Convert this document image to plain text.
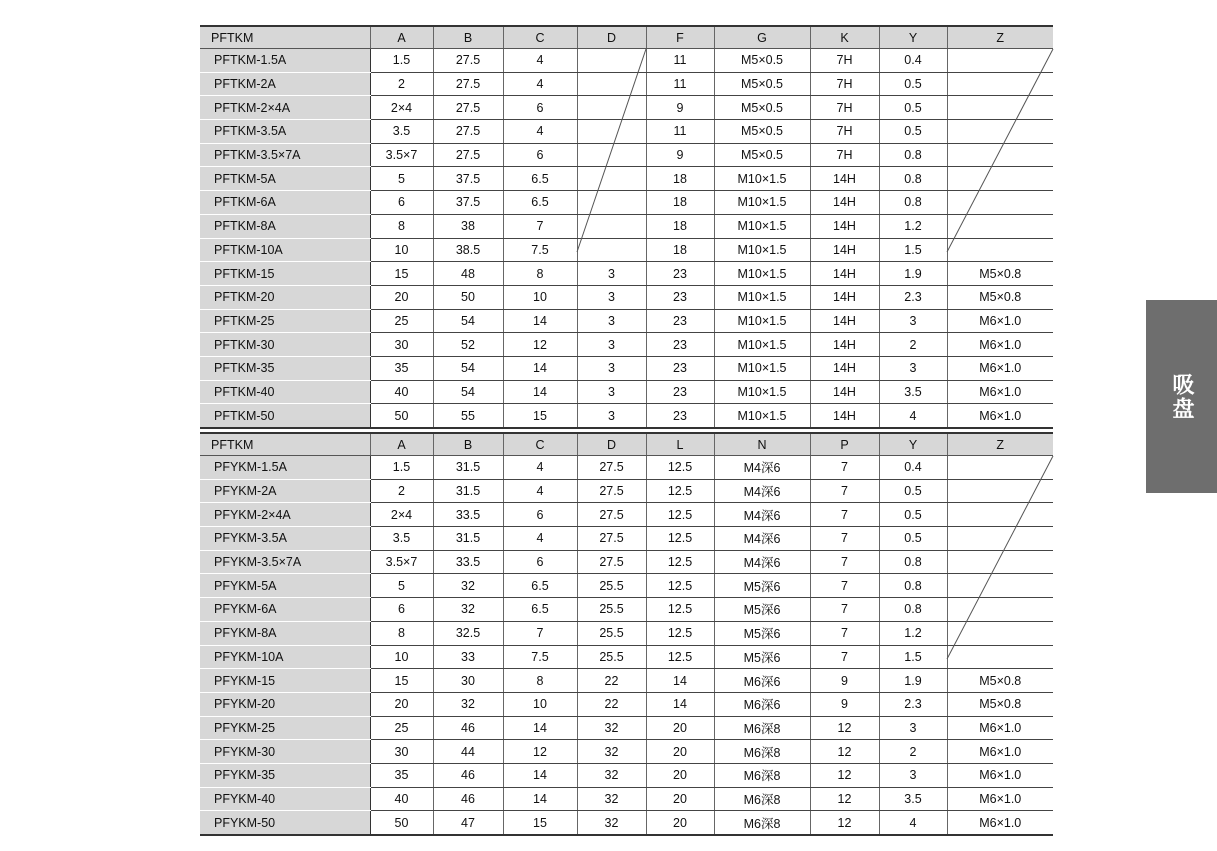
PFTKM	A	B	C	D	F	G	K	Y	Z
PFTKM-1.5A	1.5	27.5	4		11	M5×0.5	7H	0.4	
PFTKM-2A	2	27.5	4		11	M5×0.5	7H	0.5	
PFTKM-2×4A	2×4	27.5	6		9	M5×0.5	7H	0.5	
PFTKM-3.5A	3.5	27.5	4		11	M5×0.5	7H	0.5	
PFTKM-3.5×7A	3.5×7	27.5	6		9	M5×0.5	7H	0.8	
PFTKM-5A	5	37.5	6.5		18	M10×1.5	14H	0.8	
PFTKM-6A	6	37.5	6.5		18	M10×1.5	14H	0.8	
PFTKM-8A	8	38	7		18	M10×1.5	14H	1.2	
PFTKM-10A	10	38.5	7.5		18	M10×1.5	14H	1.5	
PFTKM-15	15	48	8	3	23	M10×1.5	14H	1.9	M5×0.8
PFTKM-20	20	50	10	3	23	M10×1.5	14H	2.3	M5×0.8
PFTKM-25	25	54	14	3	23	M10×1.5	14H	3	M6×1.0
PFTKM-30	30	52	12	3	23	M10×1.5	14H	2	M6×1.0
PFTKM-35	35	54	14	3	23	M10×1.5	14H	3	M6×1.0
PFTKM-40	40	54	14	3	23	M10×1.5	14H	3.5	M6×1.0
PFTKM-50	50	55	15	3	23	M10×1.5	14H	4	M6×1.0
PFTKM	A	B	C	D	L	N	P	Y	Z
PFYKM-1.5A	1.5	31.5	4	27.5	12.5	M4深6	7	0.4	
PFYKM-2A	2	31.5	4	27.5	12.5	M4深6	7	0.5	
PFYKM-2×4A	2×4	33.5	6	27.5	12.5	M4深6	7	0.5	
PFYKM-3.5A	3.5	31.5	4	27.5	12.5	M4深6	7	0.5	
PFYKM-3.5×7A	3.5×7	33.5	6	27.5	12.5	M4深6	7	0.8	
PFYKM-5A	5	32	6.5	25.5	12.5	M5深6	7	0.8	
PFYKM-6A	6	32	6.5	25.5	12.5	M5深6	7	0.8	
PFYKM-8A	8	32.5	7	25.5	12.5	M5深6	7	1.2	
PFYKM-10A	10	33	7.5	25.5	12.5	M5深6	7	1.5	
PFYKM-15	15	30	8	22	14	M6深6	9	1.9	M5×0.8
PFYKM-20	20	32	10	22	14	M6深6	9	2.3	M5×0.8
PFYKM-25	25	46	14	32	20	M6深8	12	3	M6×1.0
PFYKM-30	30	44	12	32	20	M6深8	12	2	M6×1.0
PFYKM-35	35	46	14	32	20	M6深8	12	3	M6×1.0
PFYKM-40	40	46	14	32	20	M6深8	12	3.5	M6×1.0
PFYKM-50	50	47	15	32	20	M6深8	12	4	M6×1.0
吸盘
